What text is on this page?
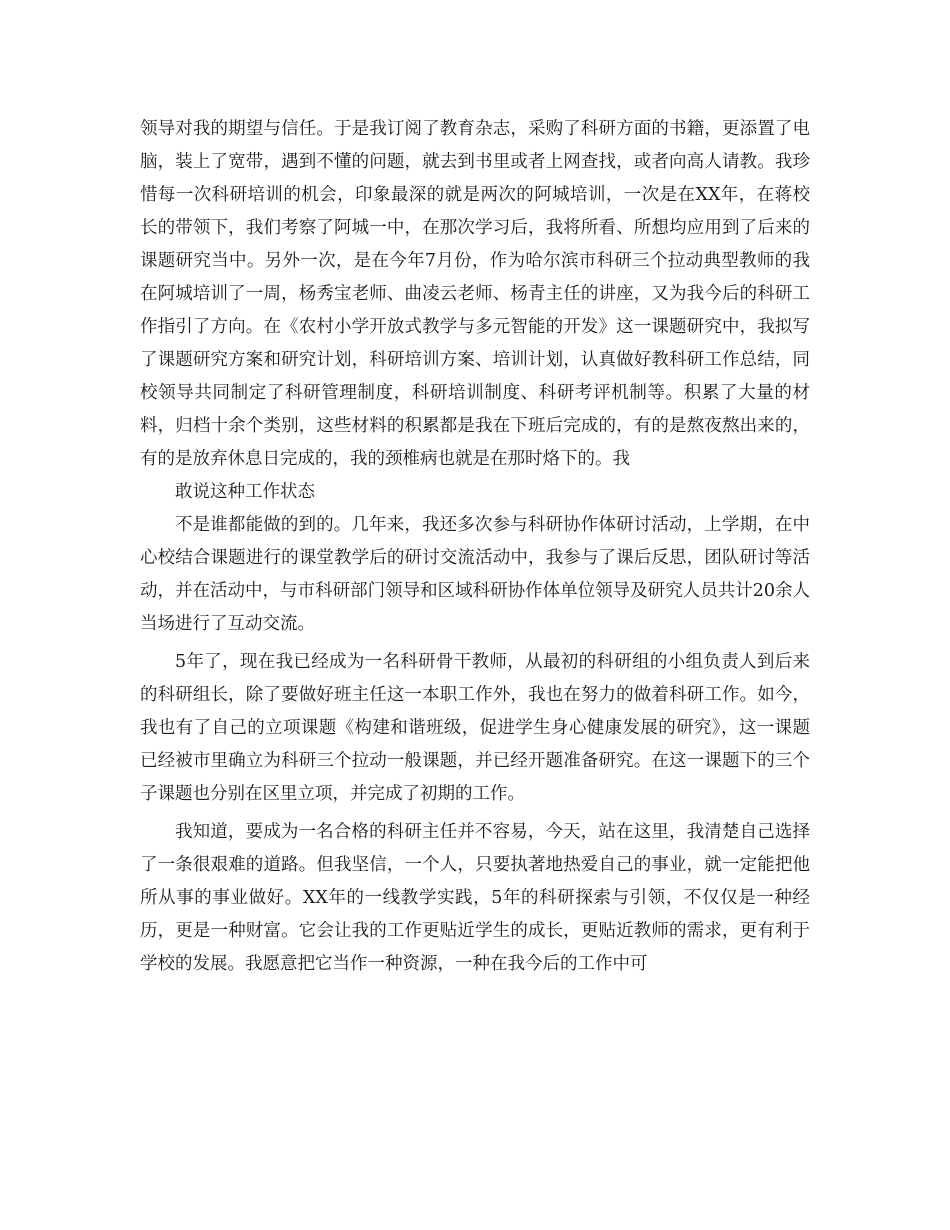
领导对我的期望与信任。于是我订阅了教育杂志，采购了科研方面的书籍，更添置了电脑，装上了宽带，遇到不懂的问题，就去到书里或者上网查找，或者向高人请教。我珍惜每一次科研培训的机会，印象最深的就是两次的阿城培训，一次是在XX年，在蒋校长的带领下，我们考察了阿城一中，在那次学习后，我将所看、所想均应用到了后来的课题研究当中。另外一次，是在今年7月份，作为哈尔滨市科研三个拉动典型教师的我在阿城培训了一周，杨秀宝老师、曲凌云老师、杨青主任的讲座，又为我今后的科研工作指引了方向。在《农村小学开放式教学与多元智能的开发》这一课题研究中，我拟写了课题研究方案和研究计划，科研培训方案、培训计划，认真做好教科研工作总结，同校领导共同制定了科研管理制度，科研培训制度、科研考评机制等。积累了大量的材料，归档十余个类别，这些材料的积累都是我在下班后完成的，有的是熬夜熬出来的，有的是放弃休息日完成的，我的颈椎病也就是在那时烙下的。我

敢说这种工作状态

不是谁都能做的到的。几年来，我还多次参与科研协作体研讨活动，上学期，在中心校结合课题进行的课堂教学后的研讨交流活动中，我参与了课后反思，团队研讨等活动，并在活动中，与市科研部门领导和区域科研协作体单位领导及研究人员共计20余人当场进行了互动交流。

5年了，现在我已经成为一名科研骨干教师，从最初的科研组的小组负责人到后来的科研组长，除了要做好班主任这一本职工作外，我也在努力的做着科研工作。如今，我也有了自己的立项课题《构建和谐班级，促进学生身心健康发展的研究》，这一课题已经被市里确立为科研三个拉动一般课题，并已经开题准备研究。在这一课题下的三个子课题也分别在区里立项，并完成了初期的工作。

我知道，要成为一名合格的科研主任并不容易，今天，站在这里，我清楚自己选择了一条很艰难的道路。但我坚信，一个人，只要执著地热爱自己的事业，就一定能把他所从事的事业做好。XX年的一线教学实践，5年的科研探索与引领，不仅仅是一种经历，更是一种财富。它会让我的工作更贴近学生的成长，更贴近教师的需求，更有利于学校的发展。我愿意把它当作一种资源，一种在我今后的工作中可
